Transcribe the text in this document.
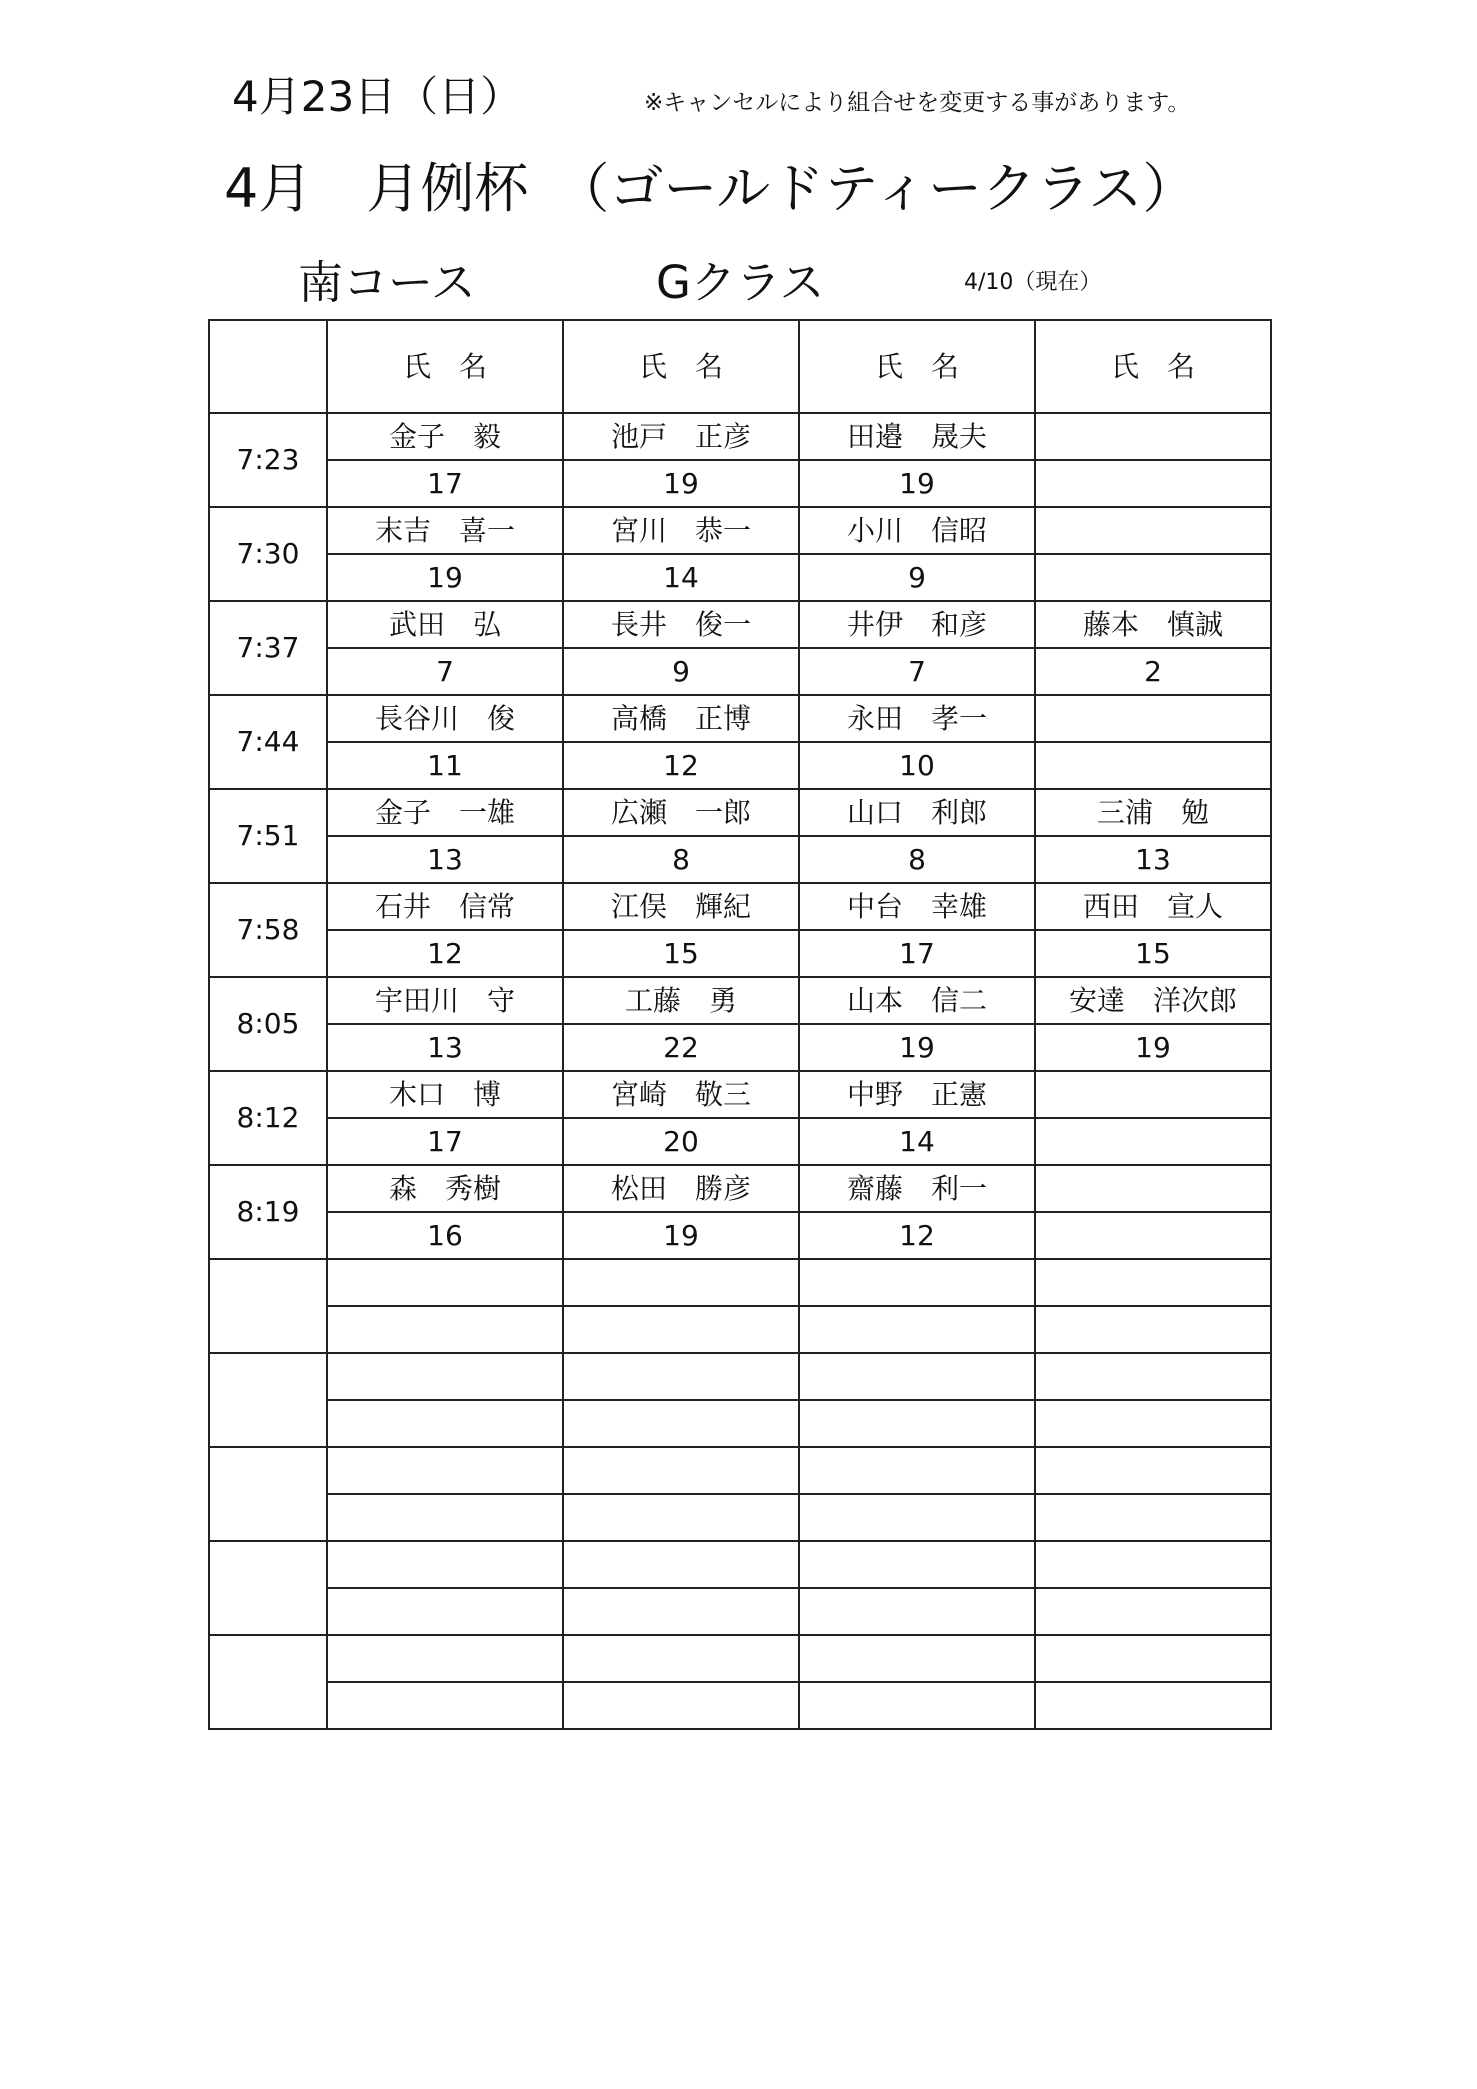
4月23日（日）	※キャンセルにより組合せを変更する事があります。
4月　月例杯　（ゴールドティークラス）
南コース	Gクラス	4/10（現在）
	氏　名	氏　名	氏　名	氏　名
7:23	金子　毅	池戸　正彦	田邉　晟夫	
	17	19	19	
7:30	末吉　喜一	宮川　恭一	小川　信昭	
	19	14	9	
7:37	武田　弘	長井　俊一	井伊　和彦	藤本　慎誠
	7	9	7	2
7:44	長谷川　俊	高橋　正博	永田　孝一	
	11	12	10	
7:51	金子　一雄	広瀬　一郎	山口　利郎	三浦　勉
	13	8	8	13
7:58	石井　信常	江俣　輝紀	中台　幸雄	西田　宣人
	12	15	17	15
8:05	宇田川　守	工藤　勇	山本　信二	安達　洋次郎
	13	22	19	19
8:12	木口　博	宮崎　敬三	中野　正憲	
	17	20	14	
8:19	森　秀樹	松田　勝彦	齋藤　利一	
	16	19	12	
